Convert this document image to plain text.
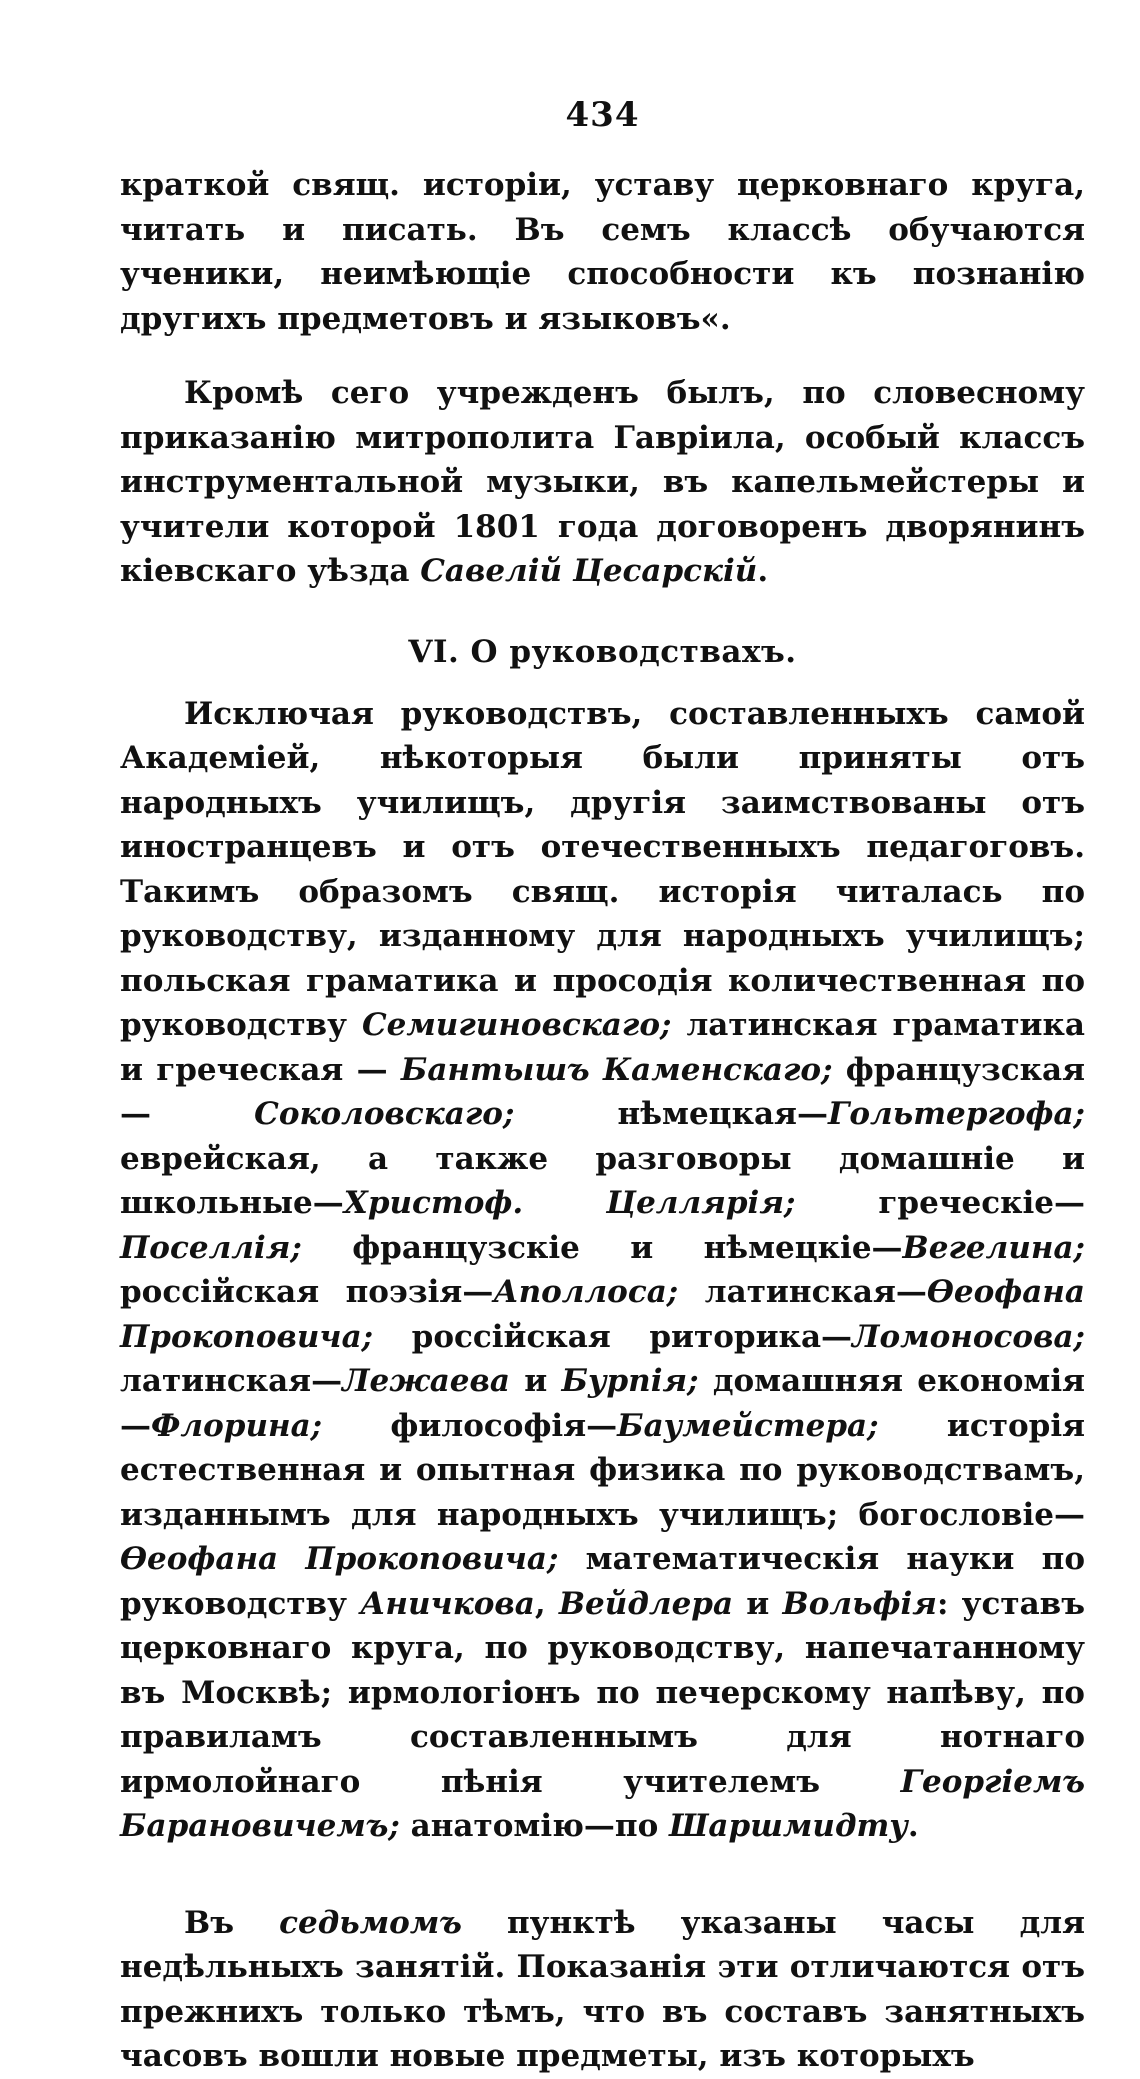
434

краткой свящ. исторіи, уставу церковнаго круга, читать и писать. Въ семъ классѣ обучаются ученики, неимѣющіе способности къ познанію другихъ предметовъ и языковъ«.

Кромѣ сего учрежденъ былъ, по словесному приказанію митрополита Гавріила, особый классъ инструментальной музыки, въ капельмейстеры и учители которой 1801 года договоренъ дворянинъ кіевскаго уѣзда Савелій Цесарскій.

VI. О руководствахъ.

Исключая руководствъ, составленныхъ самой Академіей, нѣкоторыя были приняты отъ народныхъ училищъ, другія заимствованы отъ иностранцевъ и отъ отечественныхъ педагоговъ. Такимъ образомъ свящ. исторія читалась по руководству, изданному для народныхъ училищъ; польская граматика и просодія количественная по руководству Семигиновскаго; латинская граматика и греческая — Бантышъ Каменскаго; французская — Соколовскаго; нѣмецкая—Гольтергофа; еврейская, а также разговоры домашніе и школьные—Христоф. Целлярія; греческіе—Поселлія; французскіе и нѣмецкіе—Вегелина; россійская поэзія—Аполлоса; латинская—Ѳеофана Прокоповича; россійская риторика—Ломоносова; латинская—Лежаева и Бурпія; домашняя економія—Флорина; философія—Баумейстера; исторія естественная и опытная физика по руководствамъ, изданнымъ для народныхъ училищъ; богословіе—Ѳеофана Прокоповича; математическія науки по руководству Аничкова, Вейдлера и Вольфія: уставъ церковнаго круга, по руководству, напечатанному въ Москвѣ; ирмологіонъ по печерскому напѣву, по правиламъ составленнымъ для нотнаго ирмолойнаго пѣнія учителемъ Георгіемъ Барановичемъ; анатомію—по Шаршмидту.

Въ седьмомъ пунктѣ указаны часы для недѣльныхъ занятій. Показанія эти отличаются отъ прежнихъ только тѣмъ, что въ составъ занятныхъ часовъ вошли новые предметы, изъ которыхъ
